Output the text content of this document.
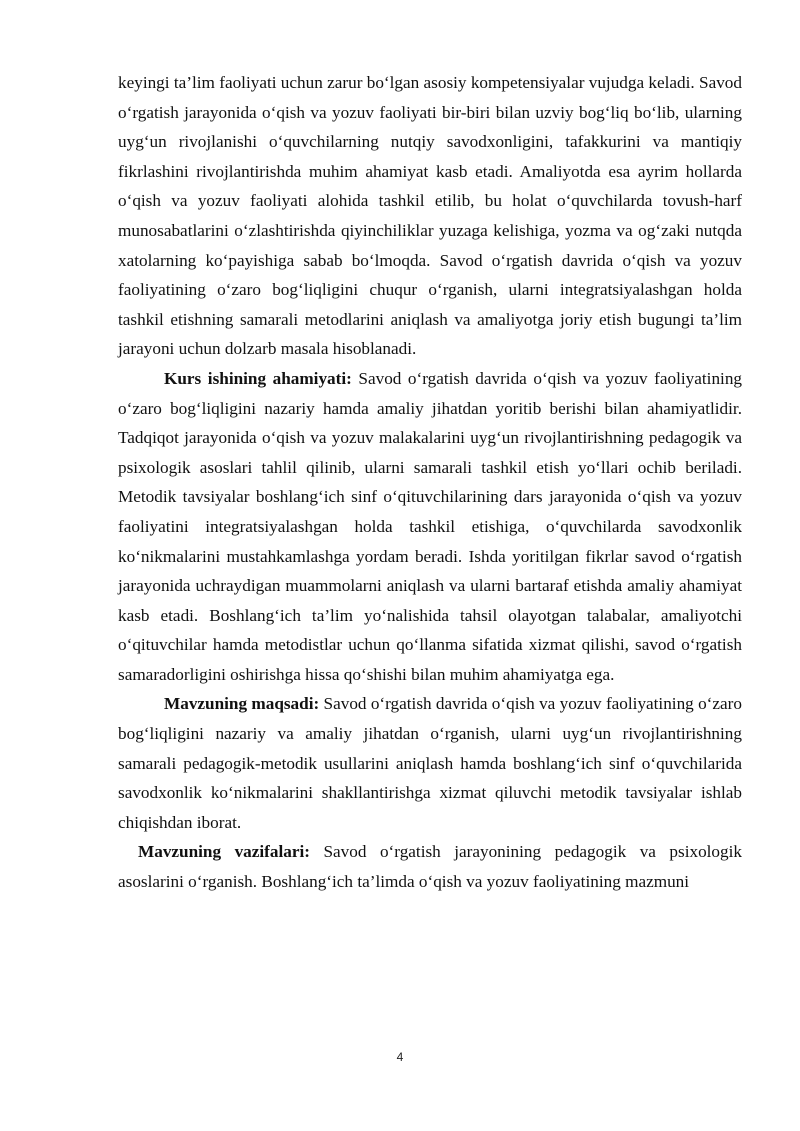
keyingi ta’lim faoliyati uchun zarur bo‘lgan asosiy kompetensiyalar vujudga keladi. Savod o‘rgatish jarayonida o‘qish va yozuv faoliyati bir-biri bilan uzviy bog‘liq bo‘lib, ularning uyg‘un rivojlanishi o‘quvchilarning nutqiy savodxonligini, tafakkurini va mantiqiy fikrlashini rivojlantirishda muhim ahamiyat kasb etadi. Amaliyotda esa ayrim hollarda o‘qish va yozuv faoliyati alohida tashkil etilib, bu holat o‘quvchilarda tovush-harf munosabatlarini o‘zlashtirishda qiyinchiliklar yuzaga kelishiga, yozma va og‘zaki nutqda xatolarning ko‘payishiga sabab bo‘lmoqda. Savod o‘rgatish davrida o‘qish va yozuv faoliyatining o‘zaro bog‘liqligini chuqur o‘rganish, ularni integratsiyalashgan holda tashkil etishning samarali metodlarini aniqlash va amaliyotga joriy etish bugungi ta’lim jarayoni uchun dolzarb masala hisoblanadi.

Kurs ishining ahamiyati: Savod o‘rgatish davrida o‘qish va yozuv faoliyatining o‘zaro bog‘liqligini nazariy hamda amaliy jihatdan yoritib berishi bilan ahamiyatlidir. Tadqiqot jarayonida o‘qish va yozuv malakalarini uyg‘un rivojlantirishning pedagogik va psixologik asoslari tahlil qilinib, ularni samarali tashkil etish yo‘llari ochib beriladi. Metodik tavsiyalar boshlang‘ich sinf o‘qituvchilarining dars jarayonida o‘qish va yozuv faoliyatini integratsiyalashgan holda tashkil etishiga, o‘quvchilarda savodxonlik ko‘nikmalarini mustahkamlashga yordam beradi. Ishda yoritilgan fikrlar savod o‘rgatish jarayonida uchraydigan muammolarni aniqlash va ularni bartaraf etishda amaliy ahamiyat kasb etadi. Boshlang‘ich ta’lim yo‘nalishida tahsil olayotgan talabalar, amaliyotchi o‘qituvchilar hamda metodistlar uchun qo‘llanma sifatida xizmat qilishi, savod o‘rgatish samaradorligini oshirishga hissa qo‘shishi bilan muhim ahamiyatga ega.

Mavzuning maqsadi: Savod o‘rgatish davrida o‘qish va yozuv faoliyatining o‘zaro bog‘liqligini nazariy va amaliy jihatdan o‘rganish, ularni uyg‘un rivojlantirishning samarali pedagogik-metodik usullarini aniqlash hamda boshlang‘ich sinf o‘quvchilarida savodxonlik ko‘nikmalarini shakllantirishga xizmat qiluvchi metodik tavsiyalar ishlab chiqishdan iborat.

Mavzuning vazifalari: Savod o‘rgatish jarayonining pedagogik va psixologik asoslarini o‘rganish. Boshlang‘ich ta’limda o‘qish va yozuv faoliyatining mazmuni

4
